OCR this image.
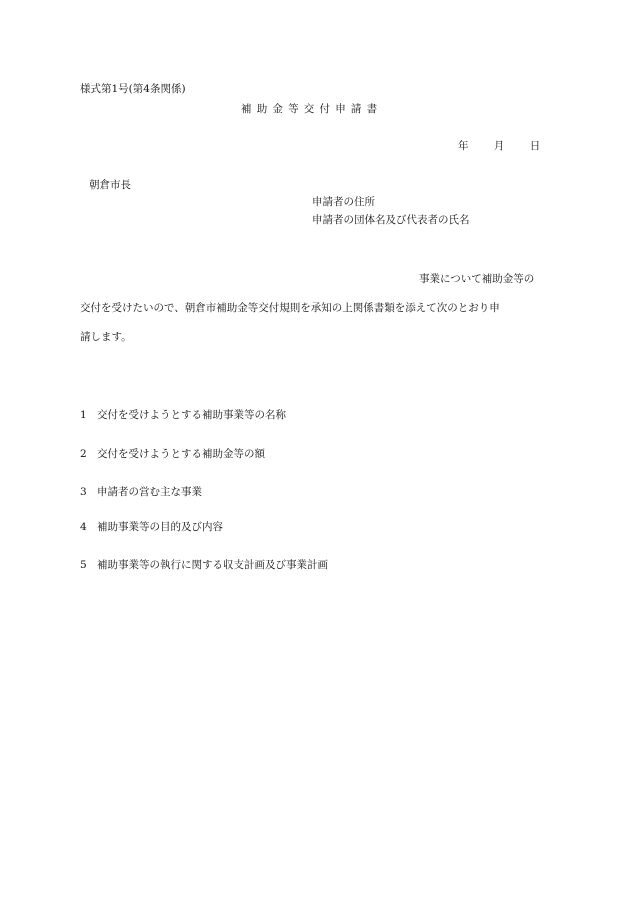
様式第1号(第4条関係)
補助金等交付申請書
年 月 日
朝倉市長
申請者の住所
申請者の団体名及び代表者の氏名
事業について補助金等の
交付を受けたいので、朝倉市補助金等交付規則を承知の上関係書類を添えて次のとおり申
請します。
1 交付を受けようとする補助事業等の名称
2 交付を受けようとする補助金等の額
3 申請者の営む主な事業
4 補助事業等の目的及び内容
5 補助事業等の執行に関する収支計画及び事業計画
